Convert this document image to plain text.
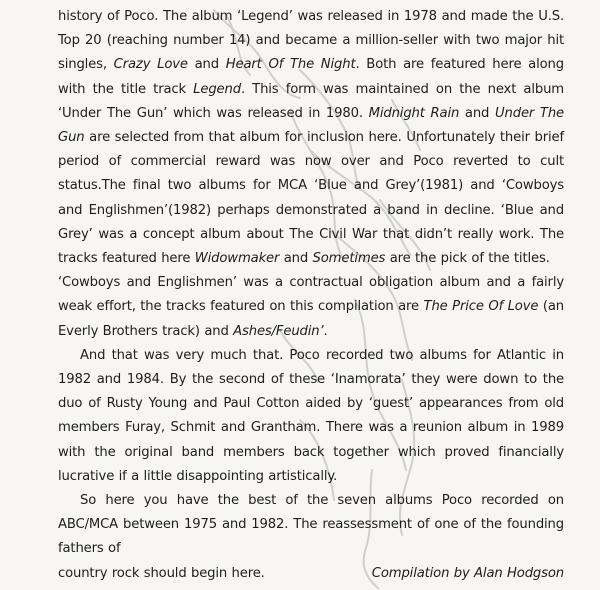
history of Poco. The album ‘Legend’ was released in 1978 and made the U.S. Top 20 (reaching number 14) and became a million-seller with two major hit singles, Crazy Love and Heart Of The Night. Both are featured here along with the title track Legend. This form was maintained on the next album ‘Under The Gun’ which was released in 1980. Midnight Rain and Under The Gun are selected from that album for inclusion here. Unfortunately their brief period of commercial reward was now over and Poco reverted to cult status.The final two albums for MCA ‘Blue and Grey’(1981) and ‘Cowboys and Englishmen’(1982) perhaps demonstrated a band in decline. ‘Blue and Grey’ was a concept album about The Civil War that didn’t really work. The tracks featured here Widowmaker and Sometimes are the pick of the titles.

‘Cowboys and Englishmen’ was a contractual obligation album and a fairly weak effort, the tracks featured on this compilation are The Price Of Love (an Everly Brothers track) and Ashes/Feudin’.

And that was very much that. Poco recorded two albums for Atlantic in 1982 and 1984. By the second of these ‘Inamorata’ they were down to the duo of Rusty Young and Paul Cotton aided by ‘guest’ appearances from old members Furay, Schmit and Grantham. There was a reunion album in 1989 with the original band members back together which proved financially lucrative if a little disappointing artistically.

So here you have the best of the seven albums Poco recorded on ABC/MCA between 1975 and 1982. The reassessment of one of the founding fathers of

country rock should begin here.	Compilation by Alan Hodgson
